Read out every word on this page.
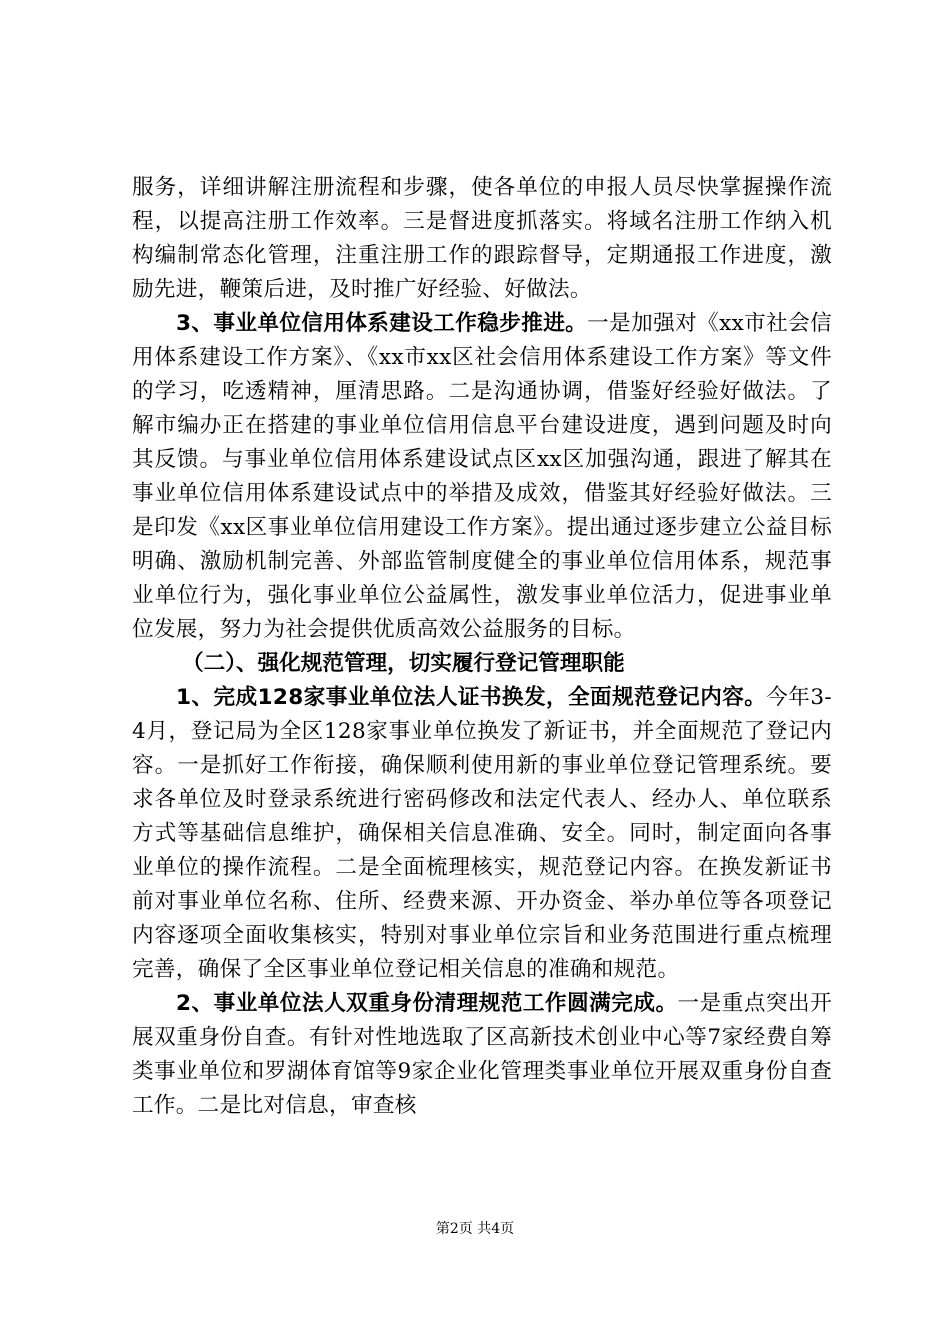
服务，详细讲解注册流程和步骤，使各单位的申报人员尽快掌握操作流程，以提高注册工作效率。三是督进度抓落实。将域名注册工作纳入机构编制常态化管理，注重注册工作的跟踪督导，定期通报工作进度，激励先进，鞭策后进，及时推广好经验、好做法。

3、事业单位信用体系建设工作稳步推进。一是加强对《xx市社会信用体系建设工作方案》、《xx市xx区社会信用体系建设工作方案》等文件的学习，吃透精神，厘清思路。二是沟通协调，借鉴好经验好做法。了解市编办正在搭建的事业单位信用信息平台建设进度，遇到问题及时向其反馈。与事业单位信用体系建设试点区xx区加强沟通，跟进了解其在事业单位信用体系建设试点中的举措及成效，借鉴其好经验好做法。三是印发《xx区事业单位信用建设工作方案》。提出通过逐步建立公益目标明确、激励机制完善、外部监管制度健全的事业单位信用体系，规范事业单位行为，强化事业单位公益属性，激发事业单位活力，促进事业单位发展，努力为社会提供优质高效公益服务的目标。

（二）、强化规范管理，切实履行登记管理职能

1、完成128家事业单位法人证书换发，全面规范登记内容。今年3-4月，登记局为全区128家事业单位换发了新证书，并全面规范了登记内容。一是抓好工作衔接，确保顺利使用新的事业单位登记管理系统。要求各单位及时登录系统进行密码修改和法定代表人、经办人、单位联系方式等基础信息维护，确保相关信息准确、安全。同时，制定面向各事业单位的操作流程。二是全面梳理核实，规范登记内容。在换发新证书前对事业单位名称、住所、经费来源、开办资金、举办单位等各项登记内容逐项全面收集核实，特别对事业单位宗旨和业务范围进行重点梳理完善，确保了全区事业单位登记相关信息的准确和规范。

2、事业单位法人双重身份清理规范工作圆满完成。一是重点突出开展双重身份自查。有针对性地选取了区高新技术创业中心等7家经费自筹类事业单位和罗湖体育馆等9家企业化管理类事业单位开展双重身份自查工作。二是比对信息，审查核

第2页 共4页
